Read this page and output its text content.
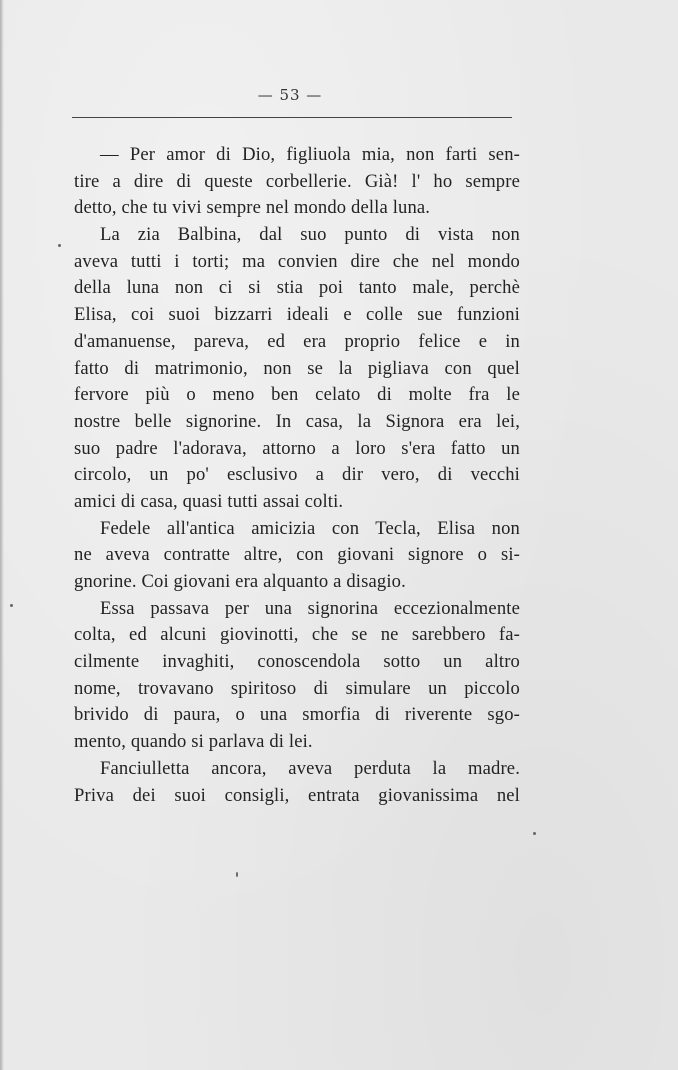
— 53 —
— Per amor di Dio, figliuola mia, non farti sen-
tire a dire di queste corbellerie. Già! l' ho sempre
detto, che tu vivi sempre nel mondo della luna.
La zia Balbina, dal suo punto di vista non
aveva tutti i torti; ma convien dire che nel mondo
della luna non ci si stia poi tanto male, perchè
Elisa, coi suoi bizzarri ideali e colle sue funzioni
d'amanuense, pareva, ed era proprio felice e in
fatto di matrimonio, non se la pigliava con quel
fervore più o meno ben celato di molte fra le
nostre belle signorine. In casa, la Signora era lei,
suo padre l'adorava, attorno a loro s'era fatto un
circolo, un po' esclusivo a dir vero, di vecchi
amici di casa, quasi tutti assai colti.
Fedele all'antica amicizia con Tecla, Elisa non
ne aveva contratte altre, con giovani signore o si-
gnorine. Coi giovani era alquanto a disagio.
Essa passava per una signorina eccezionalmente
colta, ed alcuni giovinotti, che se ne sarebbero fa-
cilmente invaghiti, conoscendola sotto un altro
nome, trovavano spiritoso di simulare un piccolo
brivido di paura, o una smorfia di riverente sgo-
mento, quando si parlava di lei.
Fanciulletta ancora, aveva perduta la madre.
Priva dei suoi consigli, entrata giovanissima nel
